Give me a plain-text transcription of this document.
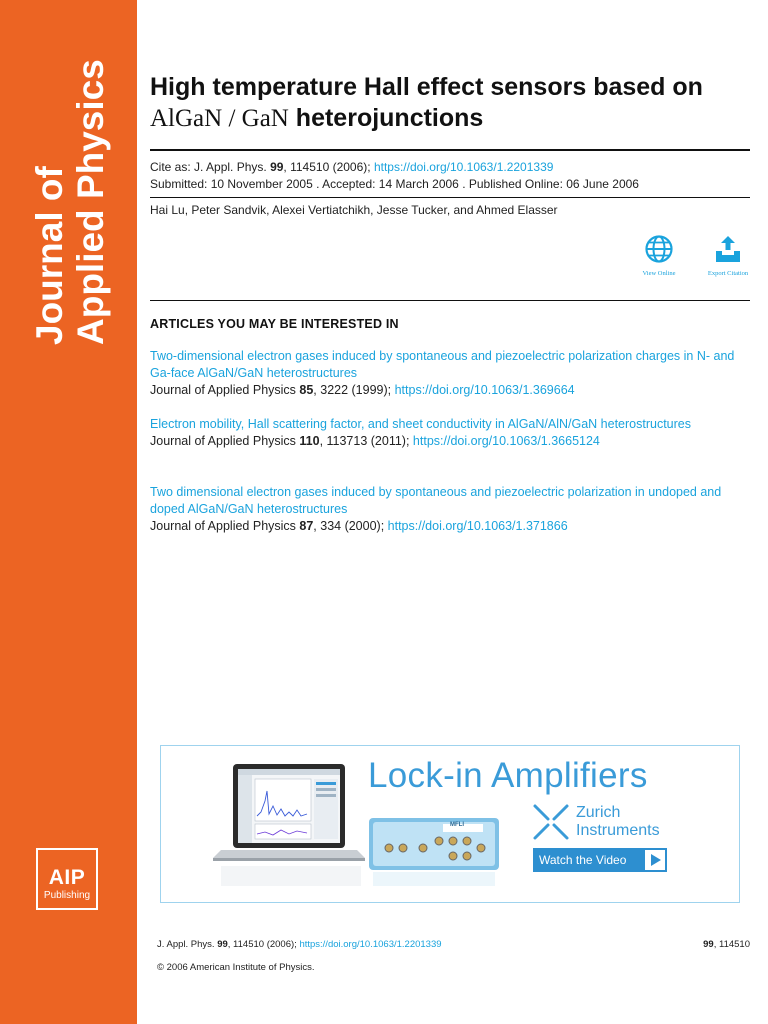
Journal of Applied Physics
AIP
Publishing
High temperature Hall effect sensors based on AlGaN / GaN heterojunctions
Cite as: J. Appl. Phys. 99, 114510 (2006); https://doi.org/10.1063/1.2201339
Submitted: 10 November 2005 . Accepted: 14 March 2006 . Published Online: 06 June 2006
Hai Lu, Peter Sandvik, Alexei Vertiatchikh, Jesse Tucker, and Ahmed Elasser
View Online	Export Citation
ARTICLES YOU MAY BE INTERESTED IN
Two-dimensional electron gases induced by spontaneous and piezoelectric polarization charges in N- and Ga-face AlGaN/GaN heterostructures
Journal of Applied Physics 85, 3222 (1999); https://doi.org/10.1063/1.369664
Electron mobility, Hall scattering factor, and sheet conductivity in AlGaN/AlN/GaN heterostructures
Journal of Applied Physics 110, 113713 (2011); https://doi.org/10.1063/1.3665124
Two dimensional electron gases induced by spontaneous and piezoelectric polarization in undoped and doped AlGaN/GaN heterostructures
Journal of Applied Physics 87, 334 (2000); https://doi.org/10.1063/1.371866
Lock-in Amplifiers
Zurich
Instruments
Watch the Video
MFLI
J. Appl. Phys. 99, 114510 (2006); https://doi.org/10.1063/1.2201339	99, 114510
© 2006 American Institute of Physics.
